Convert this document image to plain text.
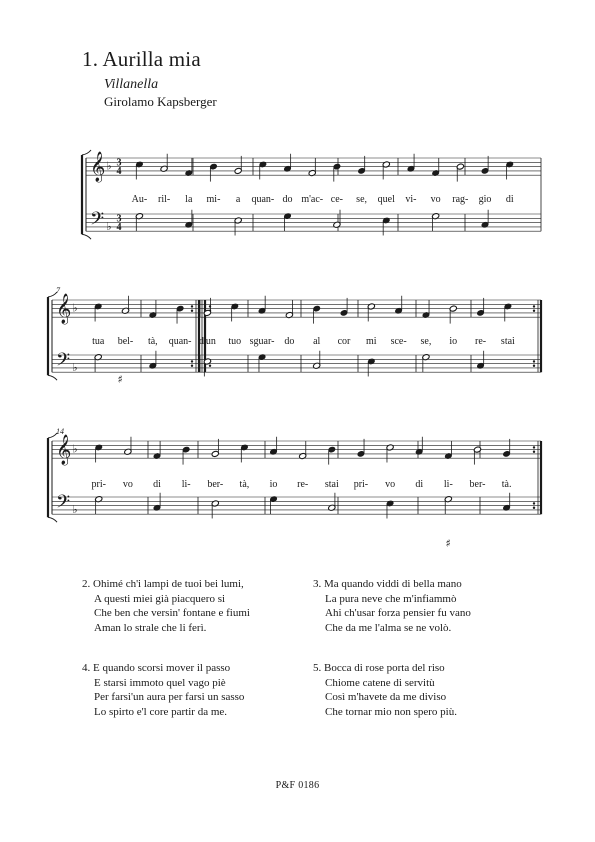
1. Aurilla mia
Villanella
Girolamo Kapsberger
𝄞
𝄢
♭
♭
3
4
3
4
Au- ril- la mi- a quan- do m'ac- ce- se, quel vi- vo rag- gio di
𝄞
𝄢
♭
♭
tua bel- tà, quan- d'un tuo sguar- do al cor mi sce- se, io re- stai
7
𝄞
𝄢
♭
♭
pri- vo di li- ber- tà, io re- stai pri- vo di li- ber- tà.
14
♯
♯
2. Ohimé ch'i lampi de tuoi bei lumi,
A questi miei già piacquero si
Che ben che versin' fontane e fiumi
Aman lo strale che li ferì.
3. Ma quando viddi di bella mano
La pura neve che m'infiammò
Ahi ch'usar forza pensier fu vano
Che da me l'alma se ne volò.
4. E quando scorsi mover il passo
E starsi immoto quel vago piè
Per farsi'un aura per farsi un sasso
Lo spirto e'l core partir da me.
5. Bocca di rose porta del riso
Chiome catene di servitù
Così m'havete da me diviso
Che tornar mio non spero più.
P&F 0186
